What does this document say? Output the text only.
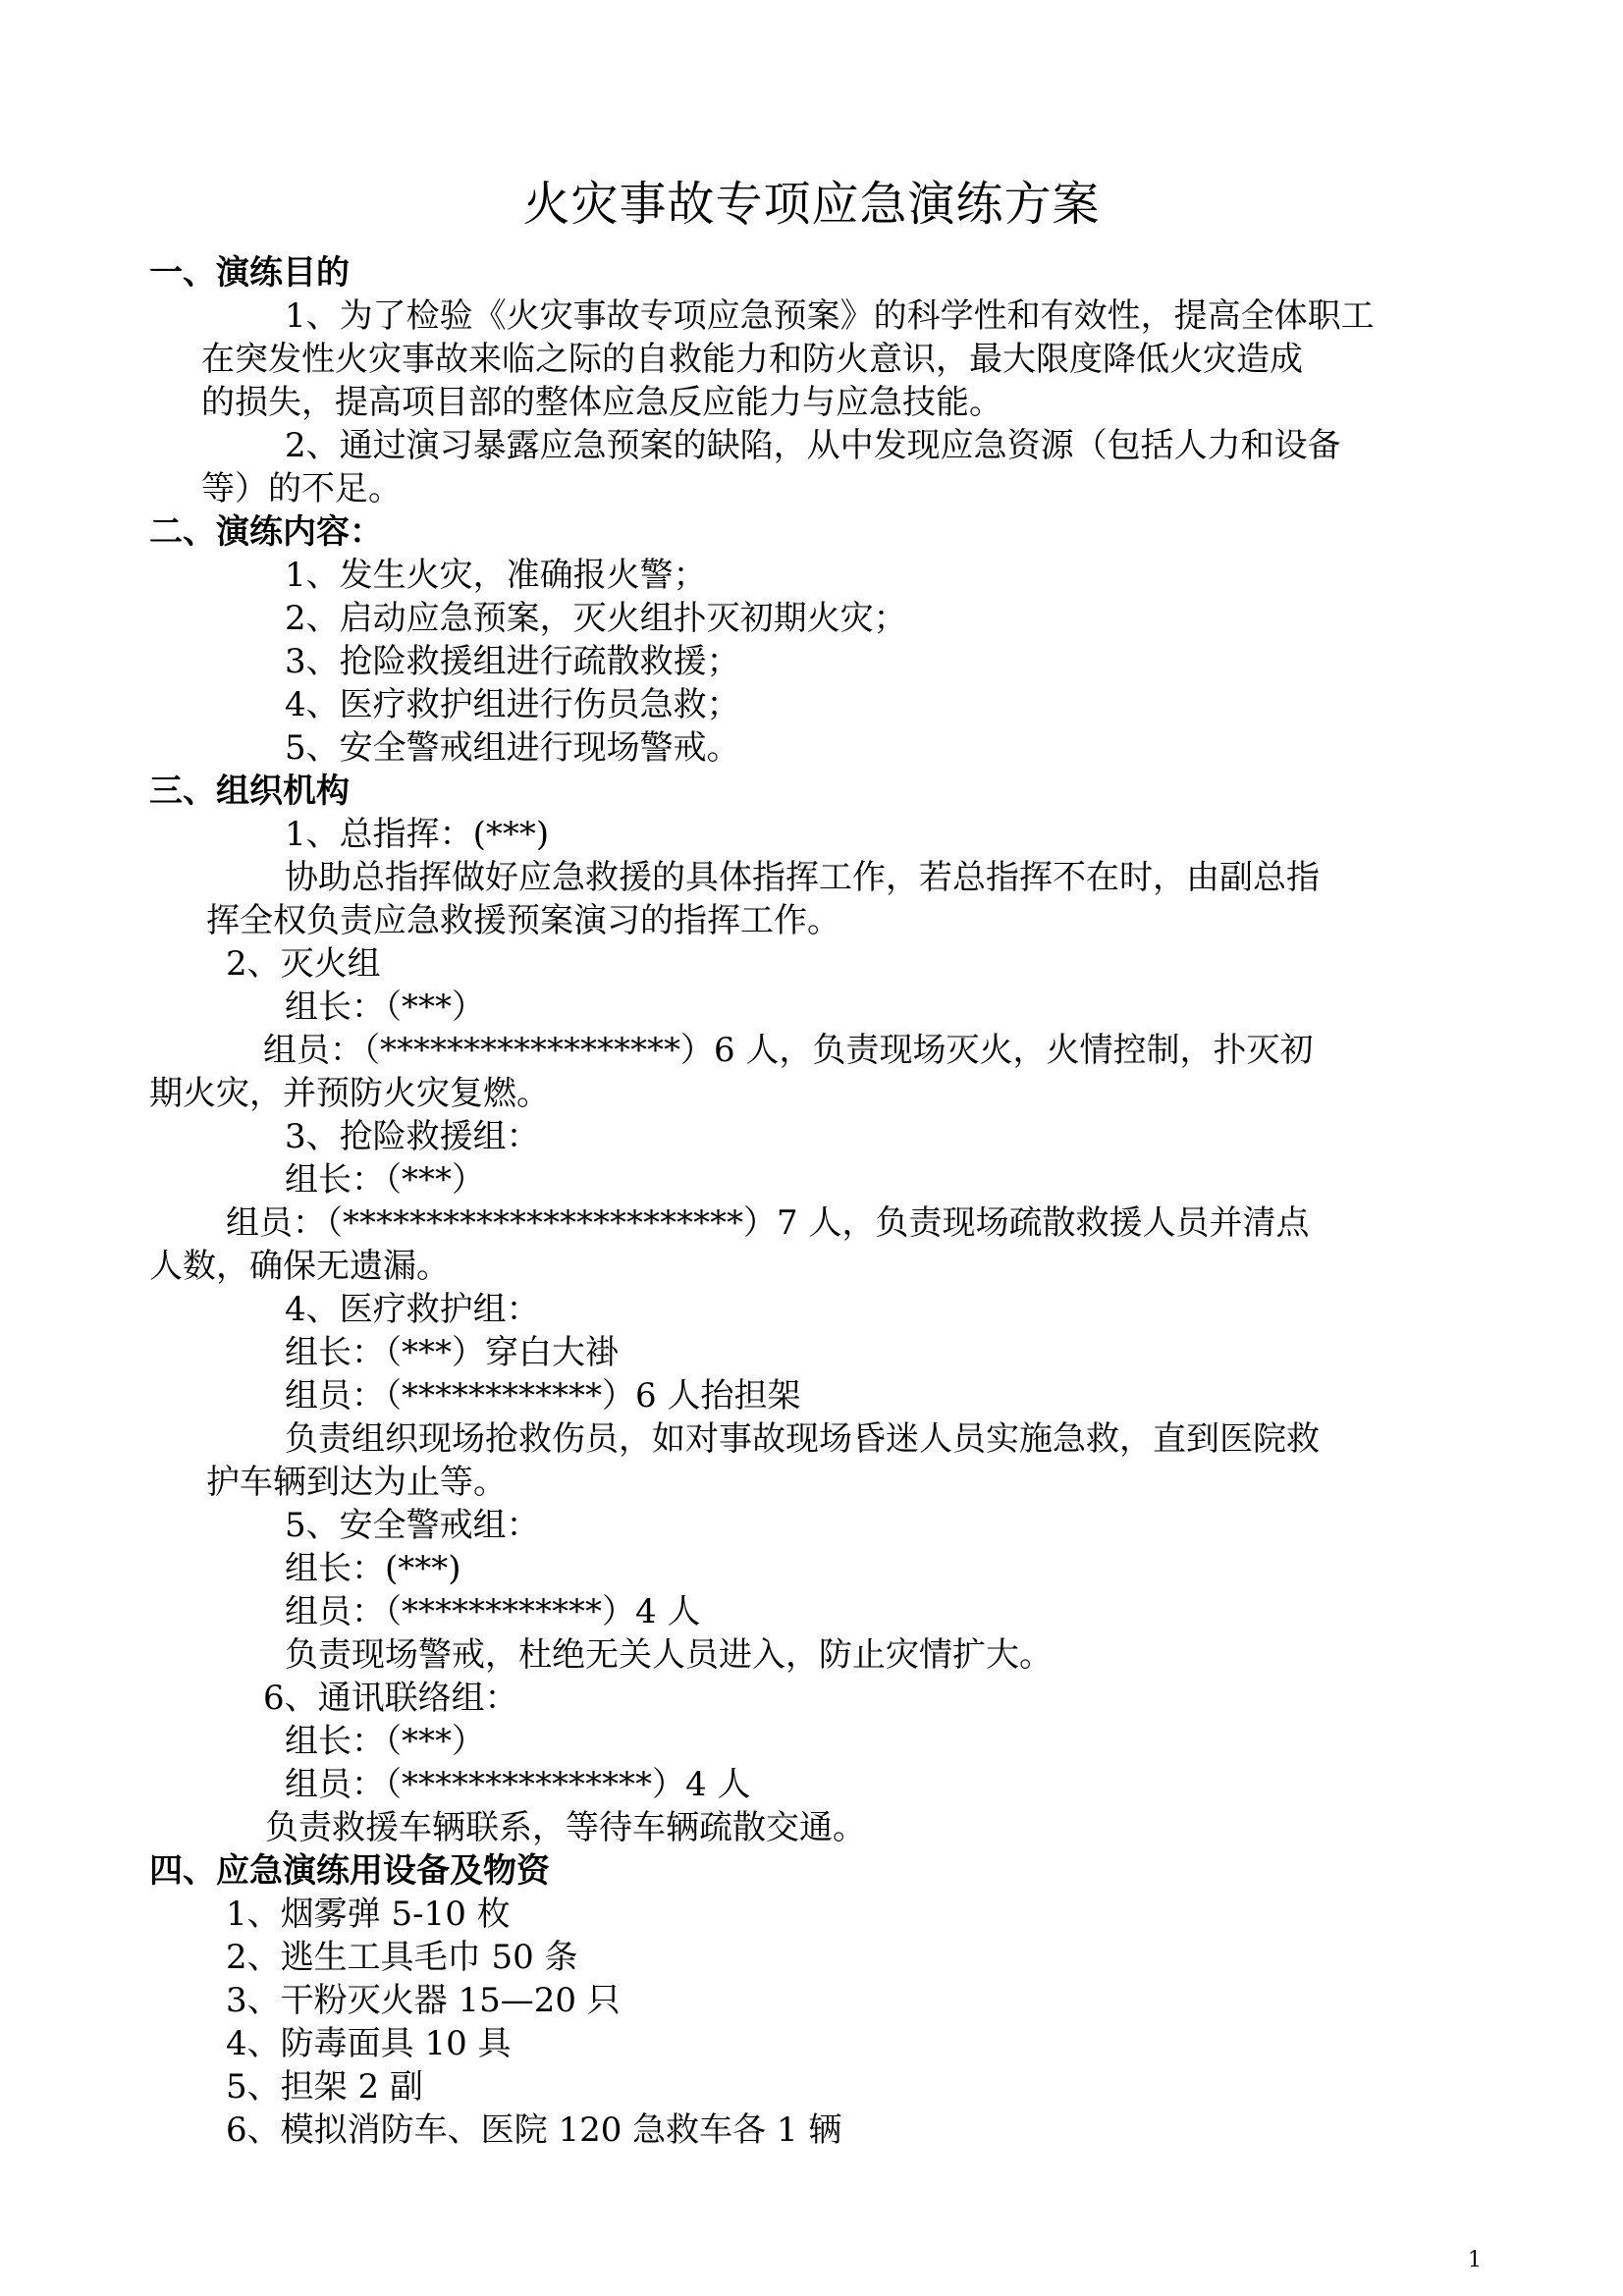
火灾事故专项应急演练方案
一、演练目的
1、为了检验《火灾事故专项应急预案》的科学性和有效性，提高全体职工
在突发性火灾事故来临之际的自救能力和防火意识，最大限度降低火灾造成
的损失，提高项目部的整体应急反应能力与应急技能。
2、通过演习暴露应急预案的缺陷，从中发现应急资源（包括人力和设备
等）的不足。
二、演练内容：
1、发生火灾，准确报火警；
2、启动应急预案，灭火组扑灭初期火灾；
3、抢险救援组进行疏散救援；
4、医疗救护组进行伤员急救；
5、安全警戒组进行现场警戒。
三、组织机构
1、总指挥：(***)
协助总指挥做好应急救援的具体指挥工作，若总指挥不在时，由副总指
挥全权负责应急救援预案演习的指挥工作。
2、灭火组
组长：（***）
组员：（******************）6 人，负责现场灭火，火情控制，扑灭初
期火灾，并预防火灾复燃。
3、抢险救援组：
组长：（***）
组员：（************************）7 人，负责现场疏散救援人员并清点
人数，确保无遗漏。
4、医疗救护组：
组长：（***）穿白大褂
组员：（************）6 人抬担架
负责组织现场抢救伤员，如对事故现场昏迷人员实施急救，直到医院救
护车辆到达为止等。
5、安全警戒组：
组长：(***)
组员：（************）4 人
负责现场警戒，杜绝无关人员进入，防止灾情扩大。
6、通讯联络组：
组长：（***）
组员：（***************）4 人
负责救援车辆联系，等待车辆疏散交通。
四、应急演练用设备及物资
1、烟雾弹 5-10 枚
2、逃生工具毛巾 50 条
3、干粉灭火器 15—20 只
4、防毒面具 10 具
5、担架 2 副
6、模拟消防车、医院 120 急救车各 1 辆
1
